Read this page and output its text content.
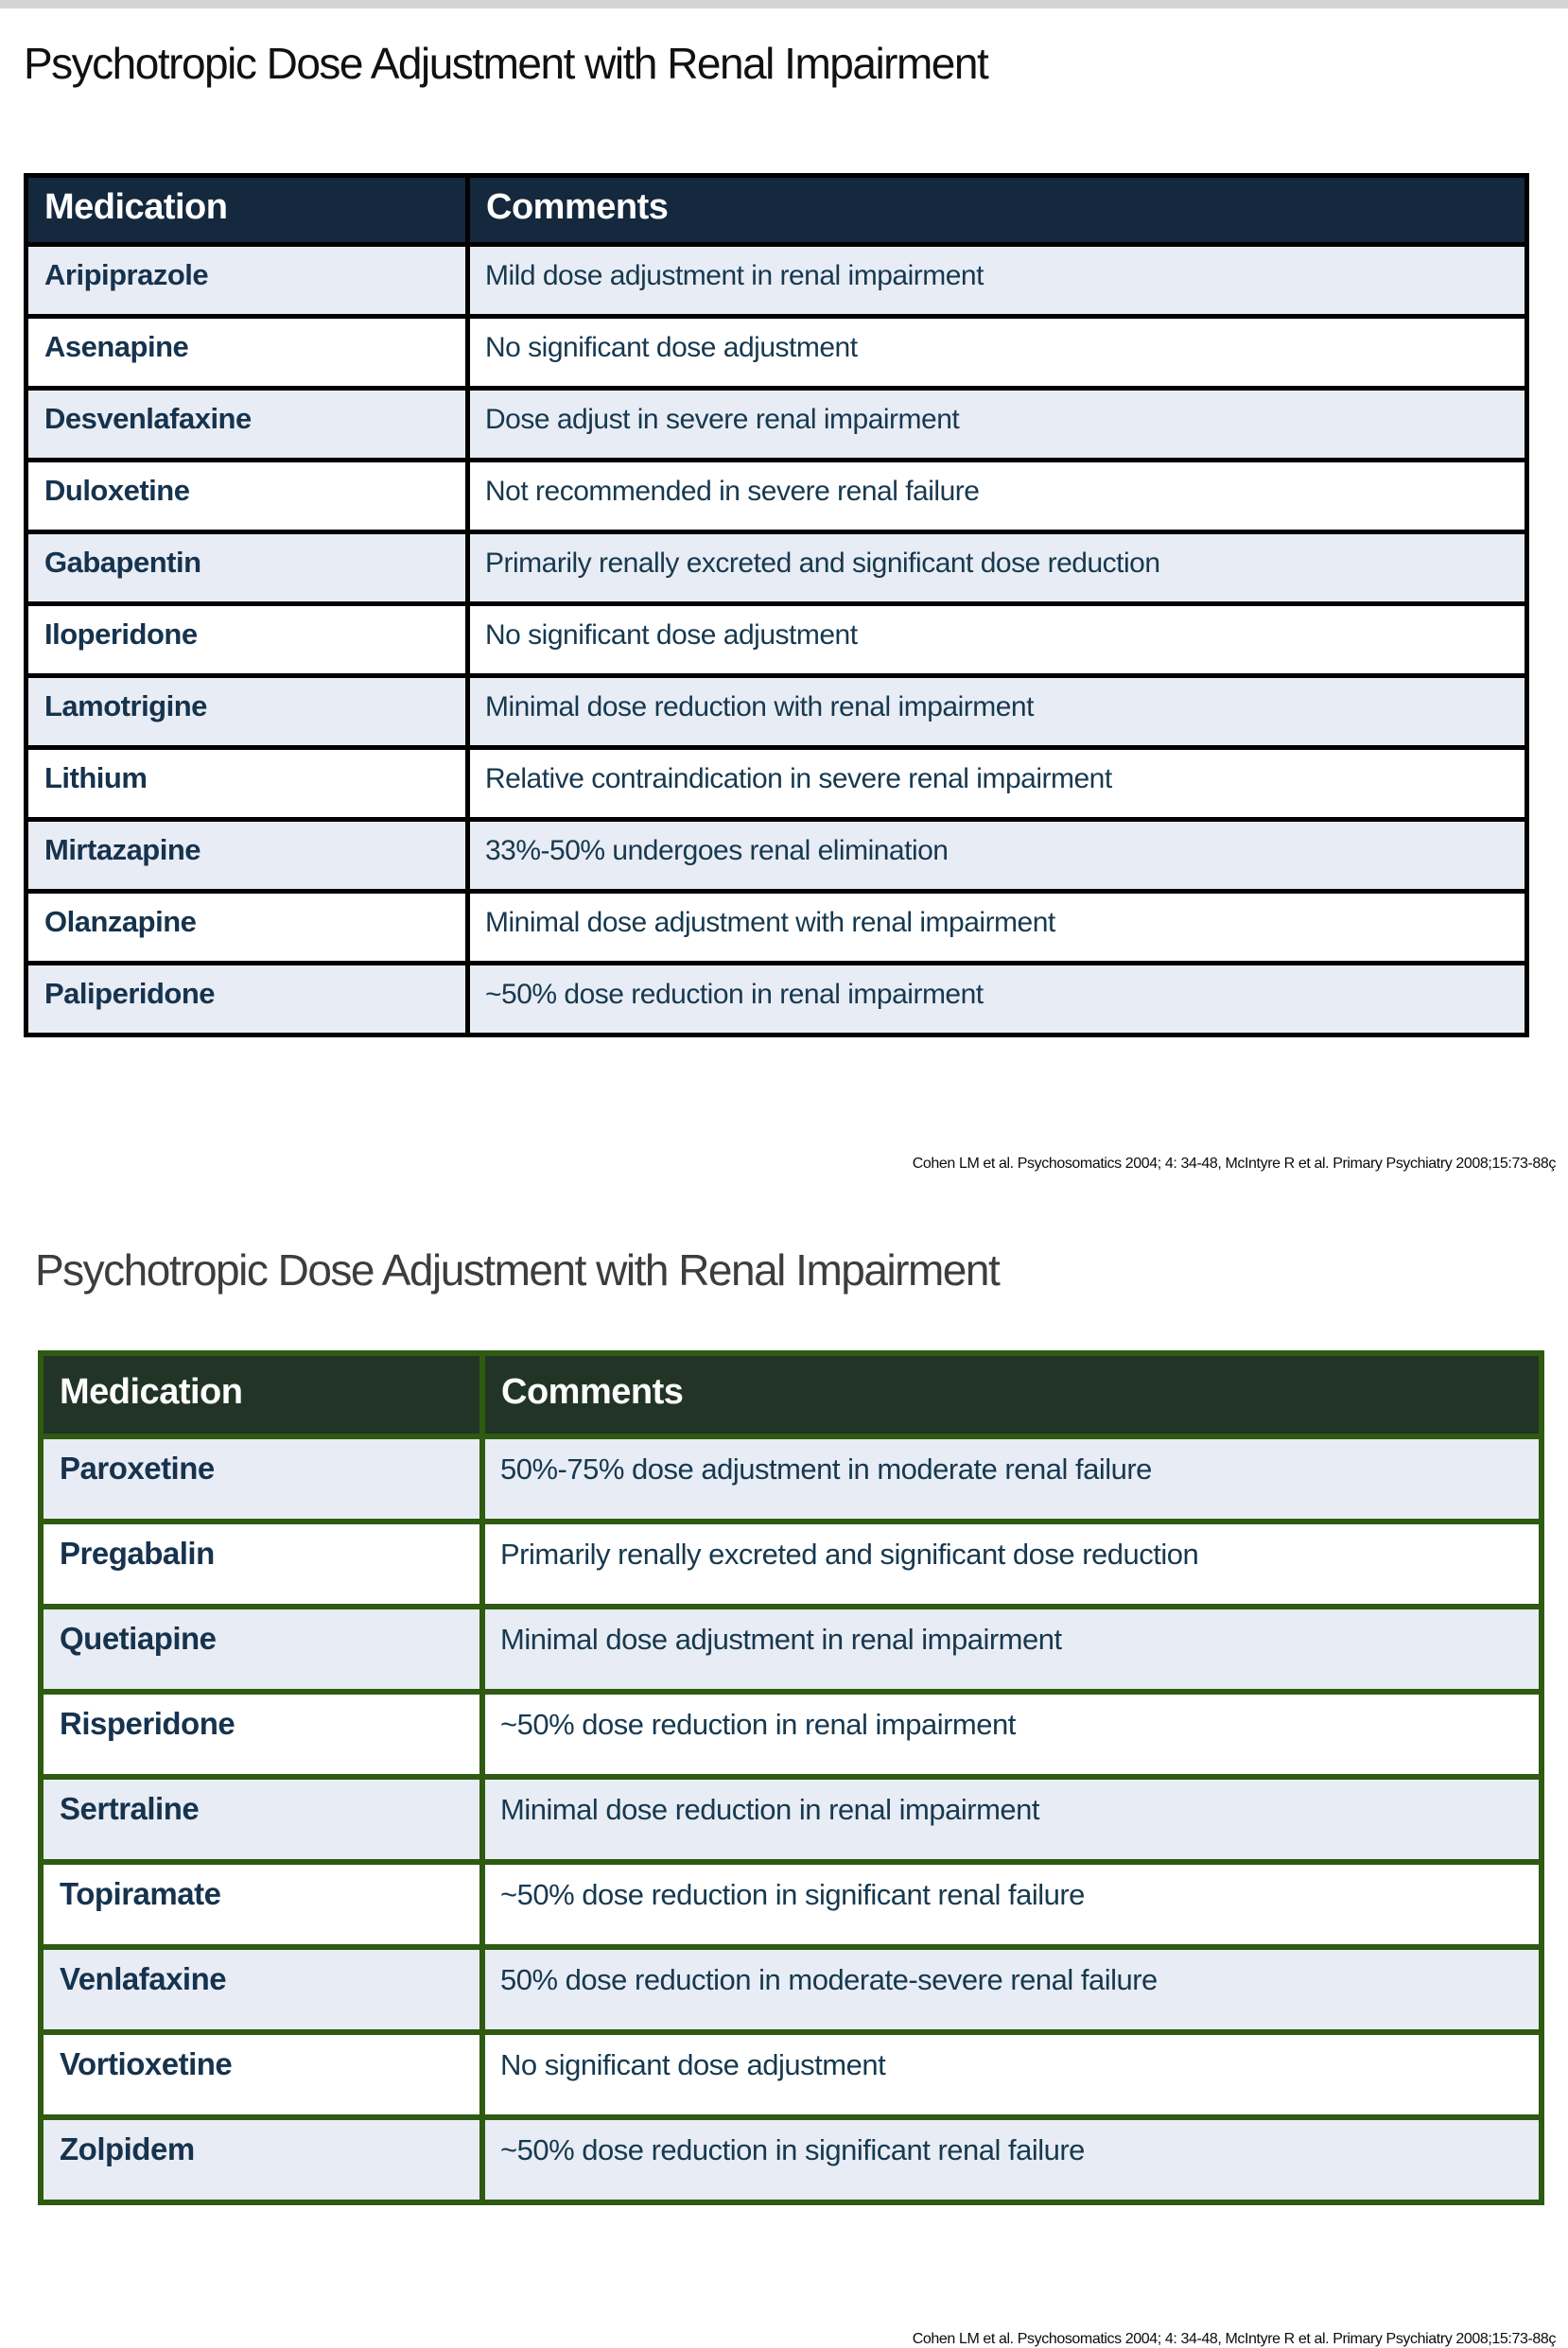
Psychotropic Dose Adjustment with Renal Impairment
Medication	Comments
Aripiprazole	Mild dose adjustment in renal impairment
Asenapine	No significant dose adjustment
Desvenlafaxine	Dose adjust in severe renal impairment
Duloxetine	Not recommended in severe renal failure
Gabapentin	Primarily renally excreted and significant dose reduction
Iloperidone	No significant dose adjustment
Lamotrigine	Minimal dose reduction with renal impairment
Lithium	Relative contraindication in severe renal impairment
Mirtazapine	33%-50% undergoes renal elimination
Olanzapine	Minimal dose adjustment with renal impairment
Paliperidone	~50% dose reduction in renal impairment

Cohen LM et al. Psychosomatics 2004; 4: 34-48, McIntyre R et al. Primary Psychiatry 2008;15:73-88ç

Psychotropic Dose Adjustment with Renal Impairment
Medication	Comments
Paroxetine	50%-75% dose adjustment in moderate renal failure
Pregabalin	Primarily renally excreted and significant dose reduction
Quetiapine	Minimal dose adjustment in renal impairment
Risperidone	~50% dose reduction in renal impairment
Sertraline	Minimal dose reduction in renal impairment
Topiramate	~50% dose reduction in significant renal failure
Venlafaxine	50% dose reduction in moderate-severe renal failure
Vortioxetine	No significant dose adjustment
Zolpidem	~50% dose reduction in significant renal failure

Cohen LM et al. Psychosomatics 2004; 4: 34-48, McIntyre R et al. Primary Psychiatry 2008;15:73-88ç
